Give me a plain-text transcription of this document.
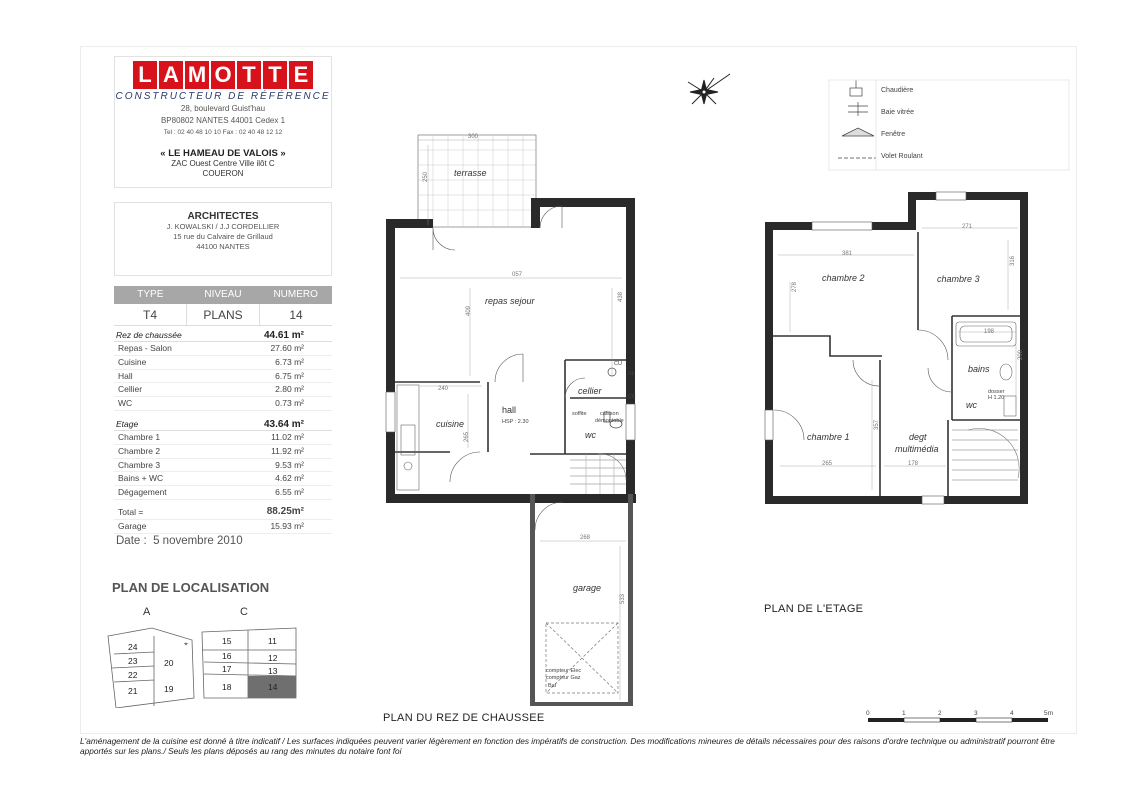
L A M O T T E
CONSTRUCTEUR DE RÉFÉRENCE
28, boulevard Guist'hau
BP80802 NANTES 44001 Cedex 1
Tel : 02 40 48 10 10 Fax : 02 40 48 12 12
« LE HAMEAU DE VALOIS »
ZAC Ouest Centre Ville ilôt C
COUERON
ARCHITECTES
J. KOWALSKI / J.J CORDELLIER
15 rue du Calvaire de Grillaud
44100 NANTES
TYPE	NIVEAU	NUMERO
T4	PLANS	14
Rez de chaussée	44.61 m²
Repas - Salon	27.60 m²
Cuisine	6.73 m²
Hall	6.75 m²
Cellier	2.80 m²
WC	0.73 m²
Etage	43.64 m²
Chambre 1	11.02 m²
Chambre 2	11.92 m²
Chambre 3	9.53 m²
Bains + WC	4.62 m²
Dégagement	6.55 m²
Total =	88.25m²
Garage	15.93 m²
Date : 5 novembre 2010
PLAN DE LOCALISATION
A	C
⌖
24
23
22
21
20
19
15	11
16	12
17	13
18	14
terrasse
repas sejour
cuisine
hall
HSP : 2.30
cellier
wc
garage
soffite caisson
démontable
compteur Elec
compteur Gaz
Bal
CU
SL
CE
300
250
057
409
438
240
265
268
533
chambre 2	chambre 3
chambre 1
bains
wc
degt
multimédia
dosser
H 1.20
381
278
271
316
198
200
265
357
178
PLAN DU REZ DE CHAUSSEE
PLAN DE L'ETAGE
Chaudière
Baie vitrée
Fenêtre
Volet Roulant
0	1	2	3	4	5m
L'aménagement de la cuisine est donné à titre indicatif / Les surfaces indiquées peuvent varier légèrement en fonction des impératifs de construction. Des modifications mineures de détails nécessaires pour des raisons d'ordre technique ou administratif pourront être apportés sur les plans./ Seuls les plans déposés au rang des minutes du notaire font foi
